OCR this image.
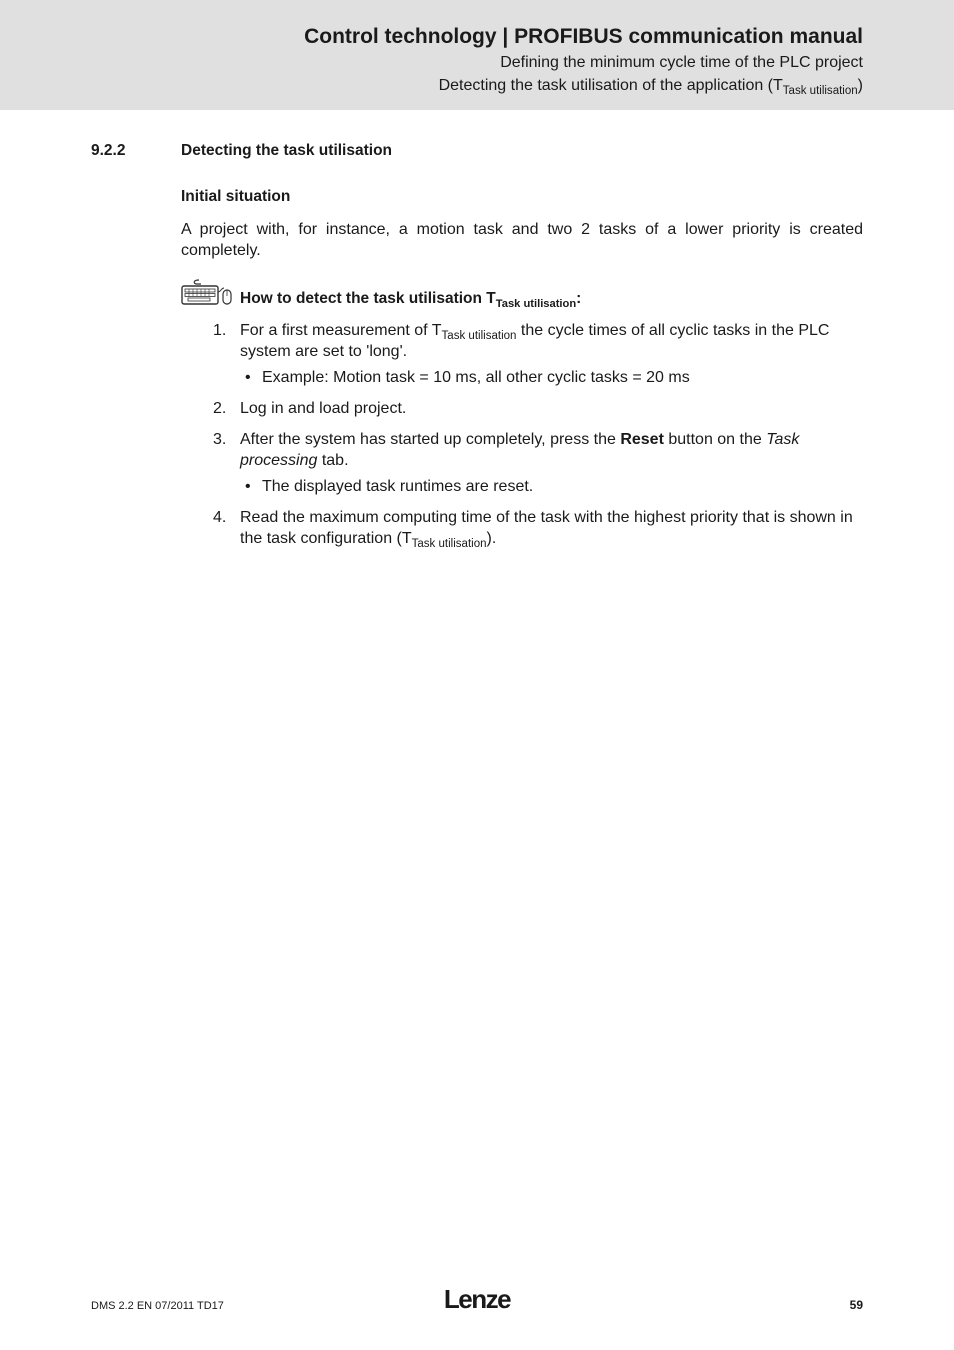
Control technology | PROFIBUS communication manual
Defining the minimum cycle time of the PLC project
Detecting the task utilisation of the application $(T_{Task utilisation})$
9.2.2	Detecting the task utilisation
Initial situation
A project with, for instance, a motion task and two 2 tasks of a lower priority is created completely.
How to detect the task utilisation $T_{Task utilisation}$:
1. For a first measurement of $T_{Task utilisation}$ the cycle times of all cyclic tasks in the PLC system are set to 'long'.
• Example: Motion task = 10 ms, all other cyclic tasks = 20 ms
2. Log in and load project.
3. After the system has started up completely, press the Reset button on the Task processing tab.
• The displayed task runtimes are reset.
4. Read the maximum computing time of the task with the highest priority that is shown in the task configuration $(T_{Task utilisation})$.
DMS 2.2 EN 07/2011 TD17	Lenze	59
